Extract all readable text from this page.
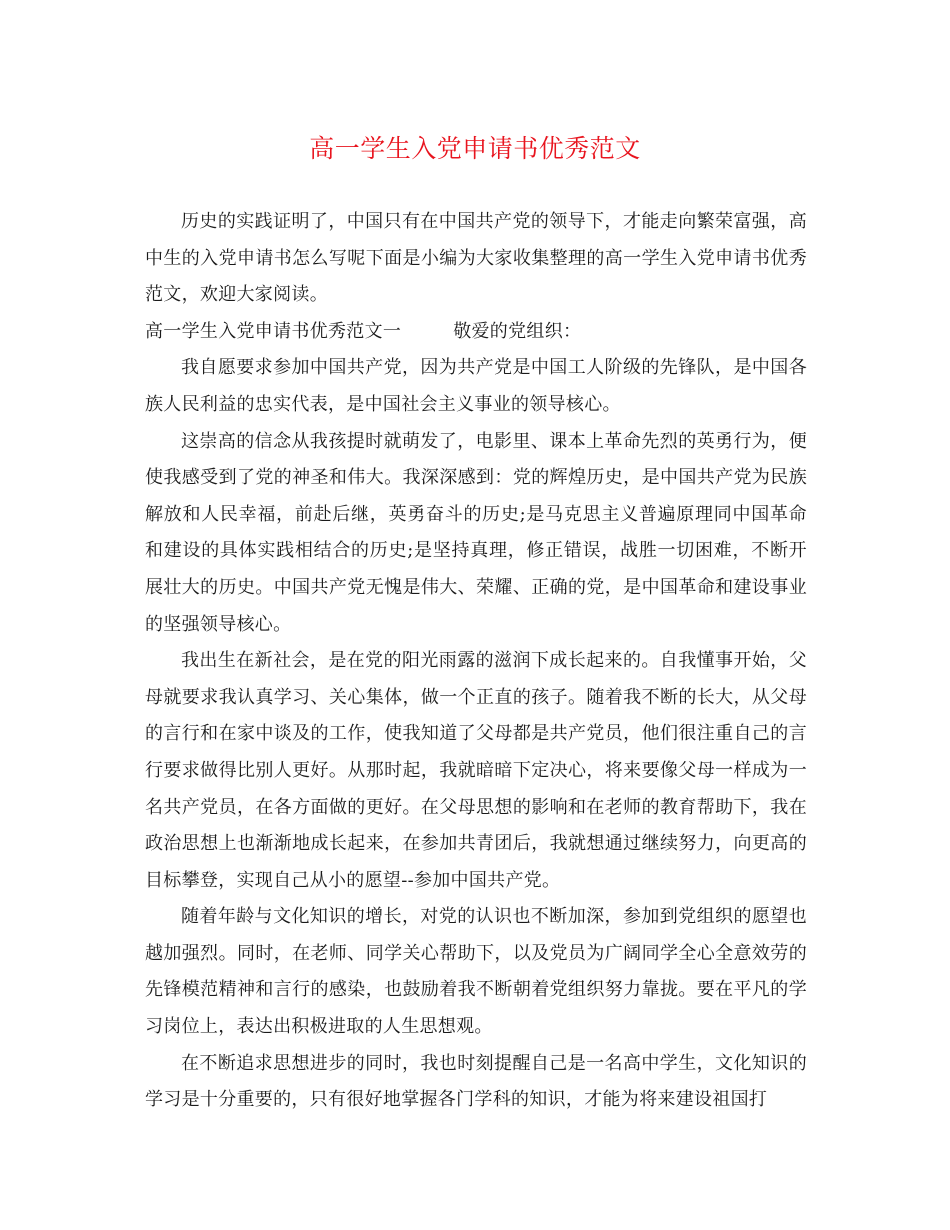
高一学生入党申请书优秀范文

历史的实践证明了，中国只有在中国共产党的领导下，才能走向繁荣富强，高中生的入党申请书怎么写呢下面是小编为大家收集整理的高一学生入党申请书优秀范文，欢迎大家阅读。

高一学生入党申请书优秀范文一	敬爱的党组织：

我自愿要求参加中国共产党，因为共产党是中国工人阶级的先锋队，是中国各族人民利益的忠实代表，是中国社会主义事业的领导核心。

这崇高的信念从我孩提时就萌发了，电影里、课本上革命先烈的英勇行为，便使我感受到了党的神圣和伟大。我深深感到：党的辉煌历史，是中国共产党为民族解放和人民幸福，前赴后继，英勇奋斗的历史;是马克思主义普遍原理同中国革命和建设的具体实践相结合的历史;是坚持真理，修正错误，战胜一切困难，不断开展壮大的历史。中国共产党无愧是伟大、荣耀、正确的党，是中国革命和建设事业的坚强领导核心。

我出生在新社会，是在党的阳光雨露的滋润下成长起来的。自我懂事开始，父母就要求我认真学习、关心集体，做一个正直的孩子。随着我不断的长大，从父母的言行和在家中谈及的工作，使我知道了父母都是共产党员，他们很注重自己的言行要求做得比别人更好。从那时起，我就暗暗下定决心，将来要像父母一样成为一名共产党员，在各方面做的更好。在父母思想的影响和在老师的教育帮助下，我在政治思想上也渐渐地成长起来，在参加共青团后，我就想通过继续努力，向更高的目标攀登，实现自己从小的愿望--参加中国共产党。

随着年龄与文化知识的增长，对党的认识也不断加深，参加到党组织的愿望也越加强烈。同时，在老师、同学关心帮助下，以及党员为广阔同学全心全意效劳的先锋模范精神和言行的感染，也鼓励着我不断朝着党组织努力靠拢。要在平凡的学习岗位上，表达出积极进取的人生思想观。

在不断追求思想进步的同时，我也时刻提醒自己是一名高中学生，文化知识的学习是十分重要的，只有很好地掌握各门学科的知识，才能为将来建设祖国打
